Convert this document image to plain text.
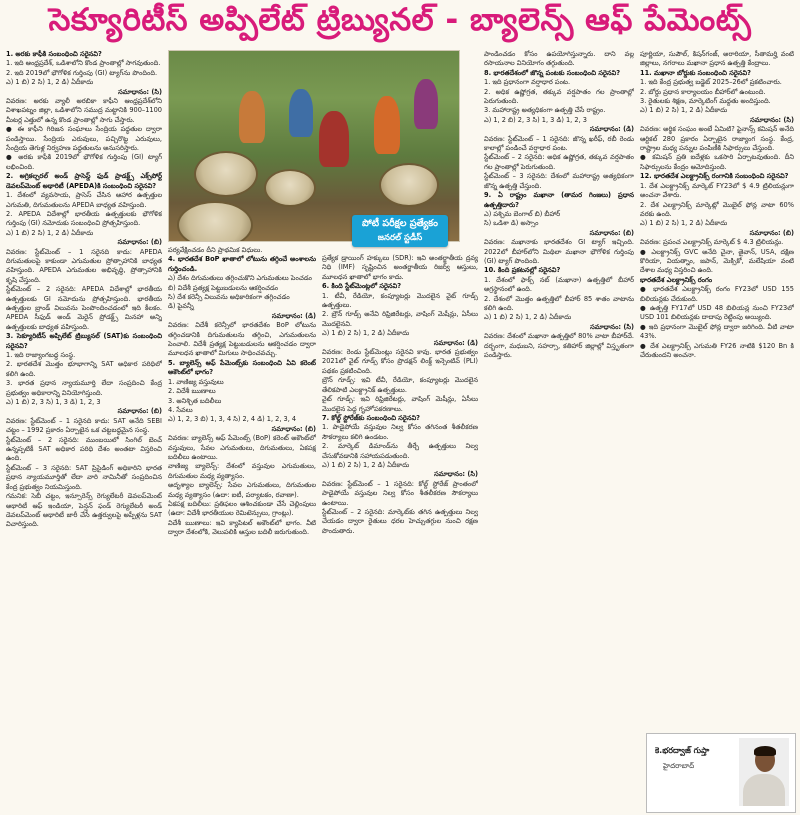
సెక్యూరిటీస్ అప్పిలేట్ ట్రిబ్యునల్ - బ్యాలెన్స్ ఆఫ్ పేమెంట్స్
పోటీ పరీక్షల ప్రత్యేకం
జనరల్ స్టడీస్

1. అరకు కాఫీకి సంబంధించి సరైనవి?

1. ఇది ఆంధ్రప్రదేశ్, ఒడిశాలోని కొండ ప్రాంతాల్లో సాగవుతుంది.

2. ఇది 2019లో భౌగోళిక గుర్తింపు (GI) ట్యాగ్‌ను పొందింది.

ఎ) 1 బి) 2 సి) 1, 2 డి) ఏదీకాదు

సమాధానం: (సి)

వివరణ: అరకు వ్యాలీ అరబికా కాఫీని ఆంధ్రప్రదేశ్‌లోని విశాఖపట్నం జిల్లా, ఒడిశాలోని సముద్ర మట్టానికి 900–1100 మీటర్ల ఎత్తులో ఉన్న కొండ ప్రాంతాల్లో సాగు చేస్తారు.

● ఈ కాఫీని గిరిజన సంఘాలు సేంద్రియ పద్ధతుల ద్వారా పండిస్తాయి. సేంద్రియ ఎరువులు, పచ్చిరొట్ట ఎరువులు, సేంద్రియ తెగుళ్ల నిర్వహణ పద్ధతులను అనుసరిస్తారు.

● అరకు కాఫీకి 2019లో భౌగోళిక గుర్తింపు (GI) ట్యాగ్ లభించింది.

2. అగ్రికల్చరల్ అండ్ ప్రాసెస్డ్ ఫుడ్ ప్రాడక్ట్స్ ఎక్స్‌పోర్ట్ డెవలప్‌మెంట్ అథారిటీ (APEDA)కి సంబంధించి సరైనవి?

1. దేశంలో వ్యవసాయ, ప్రాసెస్ చేసిన ఆహార ఉత్పత్తుల ఎగుమతి, దిగుమతులను APEDA బాధ్యత వహిస్తుంది.

2. APEDA విదేశాల్లో భారతీయ ఉత్పత్తులకు భౌగోళిక గుర్తింపు (GI) నమోదుకు సంబంధించి ప్రోత్సహిస్తుంది.

ఎ) 1 బి) 2 సి) 1, 2 డి) ఏదీకాదు

సమాధానం: (బి)

వివరణ: స్టేట్‌మెంట్ – 1 సరైనది కాదు: APEDA దిగుమతులపై కాకుండా ఎగుమతుల ప్రోత్సాహానికి బాధ్యత వహిస్తుంది. APEDA ఎగుమతుల అభివృద్ధి, ప్రోత్సాహానికి కృషి చేస్తుంది.

స్టేట్‌మెంట్ – 2 సరైనది: APEDA విదేశాల్లో భారతీయ ఉత్పత్తులకు GI నమోదును ప్రోత్సహిస్తుంది. భారతీయ ఉత్పత్తుల బ్రాండ్ విలువను పెంపొందించడంలో ఇది కీలకం. APEDA సీఫుడ్ అండ్ మెరైన్ ప్రోడక్ట్స్ మినహా అన్ని ఉత్పత్తులకు బాధ్యత వహిస్తుంది.

3. సెక్యూరిటీస్ అప్పిలేట్ ట్రిబ్యునల్ (SAT)కు సంబంధించి సరైనవి?

1. ఇది రాజ్యాంగబద్ధ సంస్థ.

2. భారతదేశ మొత్తం భూభాగాన్ని SAT అధికార పరిధిలో కలిగి ఉంది.

3. భారత ప్రధాన న్యాయమూర్తి లేదా సంప్రదించి కేంద్ర ప్రభుత్వం అధికారాన్ని వినియోగిస్తుంది.

ఎ) 1 బి) 2, 3 సి) 1, 3 డి) 1, 2, 3

సమాధానం: (బి)

వివరణ: స్టేట్‌మెంట్ – 1 సరైనది కాదు: SAT అనేది SEBI చట్టం – 1992 ప్రకారం ఏర్పాటైన ఒక చట్టబద్ధమైన సంస్థ.

స్టేట్‌మెంట్ – 2 సరైనది: ముంబయిలో సింగిల్ బెంచ్ ఉన్నప్పటికీ SAT అధికార పరిధి దేశం అంతటా విస్తరించి ఉంది.

స్టేట్‌మెంట్ – 3 సరైనది: SAT ప్రిసైడింగ్ అధికారిని భారత ప్రధాన న్యాయమూర్తితో లేదా వారి నామినీతో సంప్రదించిన కేంద్ర ప్రభుత్వం నియమిస్తుంది.

గమనిక: సెబీ చట్టం, ఇన్సూరెన్స్ రెగ్యులేటరీ డెవలప్‌మెంట్ అథారిటీ ఆఫ్ ఇండియా, పెన్షన్ ఫండ్ రెగ్యులేటరీ అండ్ డెవలప్‌మెంట్ అథారిటీ జారీ చేసే ఉత్తర్వులపై అప్పీళ్లను SAT విచారిస్తుంది.

పర్యవేక్షించడం దీని ప్రాథమిక విధులు.

4. భారతదేశ BoP ఖాతాలో లోటును తగ్గించే అంశాలను గుర్తించండి.

ఎ) దేశం దిగుమతులు తగ్గించుకొని ఎగుమతులు పెంచడం

బి) విదేశీ ప్రత్యక్ష పెట్టుబడులను ఆకర్షించడం

సి) దేశ కరెన్సీ విలువను అధికారికంగా తగ్గించడం

డి) పైవన్నీ

సమాధానం: (డి)

వివరణ: విదేశీ కరెన్సీలో భారతదేశం BoP లోటును తగ్గించడానికి దిగుమతులను తగ్గించి, ఎగుమతులను పెంచాలి. విదేశీ ప్రత్యక్ష పెట్టుబడులను ఆకర్షించడం ద్వారా మూలధన ఖాతాలో మిగులు సాధించవచ్చు.

5. బ్యాలెన్స్ ఆఫ్ పేమెంట్స్‌కు సంబంధించి ఏవి కరెంట్ అకౌంట్‌లో భాగం?

1. వాణిజ్య వస్తువులు

2. విదేశీ ఋణాలు

3. అనిశ్చిత బదిలీలు

4. సేవలు

ఎ) 1, 2, 3 బి) 1, 3, 4 సి) 2, 4 డి) 1, 2, 3, 4

సమాధానం: (బి)

వివరణ: బ్యాలెన్స్ ఆఫ్ పేమెంట్స్ (BoP) కరెంట్ అకౌంట్‌లో వస్తువులు, సేవల ఎగుమతులు, దిగుమతులు, ఏకపక్ష బదిలీలు ఉంటాయి.

వాణిజ్య బ్యాలెన్స్: దేశంలో వస్తువుల ఎగుమతులు, దిగుమతుల మధ్య వ్యత్యాసం.

అదృశ్యాల బ్యాలెన్స్: సేవల ఎగుమతులు, దిగుమతుల మధ్య వ్యత్యాసం (ఉదా: ఐటీ, పర్యాటకం, రవాణా).

ఏకపక్ష బదిలీలు: ప్రతిఫలం ఆశించకుండా చేసే చెల్లింపులు (ఉదా: విదేశీ భారతీయుల రెమిటెన్సులు, గ్రాంట్లు).

విదేశీ ఋణాలు: ఇవి క్యాపిటల్ అకౌంట్‌లో భాగం. వీటి ద్వారా దేశంలోకి, వెలుపలికి ఆస్తుల బదిలీ జరుగుతుంది.

ప్రత్యేక డ్రాయింగ్ హక్కులు (SDR): ఇవి అంతర్జాతీయ ద్రవ్య నిధి (IMF) సృష్టించిన అంతర్జాతీయ రిజర్వ్ ఆస్తులు, మూలధన ఖాతాలో భాగం కాదు.

6. కింది స్టేట్‌మెంట్లలో సరైనవి?

1. టీవీ, రేడియో, కంప్యూటర్లు మొదలైన వైట్ గూడ్స్ ఉత్పత్తులు.

2. బ్రౌన్ గూడ్స్ అనేవి రిఫ్రిజిరేటర్లు, వాషింగ్ మెషీన్లు, ఏసీలు మొదలైనవి.

ఎ) 1 బి) 2 సి) 1, 2 డి) ఏదీకాదు

సమాధానం: (డి)

వివరణ: రెండు స్టేట్‌మెంట్లు సరైనవి కావు. భారత ప్రభుత్వం 2021లో వైట్ గూడ్స్ కోసం ప్రొడక్షన్ లింక్డ్ ఇన్సెంటివ్ (PLI) పథకం ప్రకటించింది.

బ్రౌన్ గూడ్స్: ఇవి టీవీ, రేడియో, కంప్యూటర్లు మొదలైన తేలికపాటి ఎలక్ట్రానిక్ ఉత్పత్తులు.

వైట్ గూడ్స్: ఇవి రిఫ్రిజిరేటర్లు, వాషింగ్ మెషీన్లు, ఏసీలు మొదలైన పెద్ద గృహోపకరణాలు.

7. కోల్డ్ స్టోరేజ్‌కు సంబంధించి సరైనవి?

1. పాడైపోయే వస్తువుల నిల్వ కోసం తగినంత శీతలీకరణ సౌకర్యాలు కలిగి ఉండటం.

2. మార్కెట్ డిమాండ్‌ను తీర్చే ఉత్పత్తులు నిల్వ చేసుకోవడానికి సహాయపడుతుంది.

ఎ) 1 బి) 2 సి) 1, 2 డి) ఏదీకాదు

సమాధానం: (సి)

వివరణ: స్టేట్‌మెంట్ – 1 సరైనది: కోల్డ్ స్టోరేజ్ ప్రాంతంలో పాడైపోయే వస్తువుల నిల్వ కోసం శీతలీకరణ సౌకర్యాలు ఉంటాయి.

స్టేట్‌మెంట్ – 2 సరైనది: మార్కెట్‌కు తగిన ఉత్పత్తులు నిల్వ చేయడం ద్వారా రైతులు ధరల హెచ్చుతగ్గుల నుంచి రక్షణ పొందుతారు.

పాండించడం కోసం ఉపయోగిస్తున్నారు. దాని వల్ల రసాయనాల వినియోగం తగ్గుతుంది.

8. భారతదేశంలో జొన్న పంటకు సంబంధించి సరైనవి?

1. ఇది ప్రధానంగా వర్షాధార పంట.

2. అధిక ఉష్ణోగ్రత, తక్కువ వర్షపాతం గల ప్రాంతాల్లో పెరుగుతుంది.

3. మహారాష్ట్ర అత్యధికంగా ఉత్పత్తి చేసే రాష్ట్రం.

ఎ) 1, 2 బి) 2, 3 సి) 1, 3 డి) 1, 2, 3

సమాధానం: (డి)

వివరణ: స్టేట్‌మెంట్ – 1 సరైనది: జొన్న ఖరీఫ్, రబీ రెండు కాలాల్లో పండించే వర్షాధార పంట.

స్టేట్‌మెంట్ – 2 సరైనది: అధిక ఉష్ణోగ్రత, తక్కువ వర్షపాతం గల ప్రాంతాల్లో పెరుగుతుంది.

స్టేట్‌మెంట్ – 3 సరైనది: దేశంలో మహారాష్ట్ర అత్యధికంగా జొన్న ఉత్పత్తి చేస్తుంది.

9. ఏ రాష్ట్రం మఖానా (తామర గింజలు) ప్రధాన ఉత్పత్తిదారు?

ఎ) పశ్చిమ బెంగాల్ బి) బీహార్

సి) ఒడిశా డి) అస్సాం

సమాధానం: (బి)

వివరణ: మఖానాకు భారతదేశం GI ట్యాగ్ ఇచ్చింది. 2022లో బీహార్‌లోని మిథిలా మఖానా భౌగోళిక గుర్తింపు (GI) ట్యాగ్ పొందింది.

10. కింది ప్రకటనల్లో సరైనవి?

1. దేశంలో ఫాక్స్ నట్ (మఖానా) ఉత్పత్తిలో బీహార్ అగ్రస్థానంలో ఉంది.

2. దేశంలో మొత్తం ఉత్పత్తిలో బీహార్ 85 శాతం వాటాను కలిగి ఉంది.

ఎ) 1 బి) 2 సి) 1, 2 డి) ఏదీకాదు

సమాధానం: (సి)

వివరణ: దేశంలో మఖానా ఉత్పత్తిలో 80% వాటా బీహార్‌దే. దర్భంగా, మధుబని, సహర్సా, కతిహార్ జిల్లాల్లో విస్తృతంగా పండిస్తారు.

పూర్ణియా, సుపౌల్, కిషన్‌గంజ్, అరారియా, సీతామర్హి వంటి జిల్లాలు, నగరాలు మఖానా ప్రధాన ఉత్పత్తి కేంద్రాలు.

11. మఖానా బోర్డుకు సంబంధించి సరైనవి?

1. ఇది కేంద్ర ప్రభుత్వ బడ్జెట్ 2025–26లో ప్రకటించారు.

2. బోర్డు ప్రధాన కార్యాలయం బీహార్‌లో ఉంటుంది.

3. రైతులకు శిక్షణ, మార్కెటింగ్ మద్దతు అందిస్తుంది.

ఎ) 1 బి) 2 సి) 1, 2 డి) ఏదీకాదు

సమాధానం: (సి)

వివరణ: అర్థిక సంఘం అంటే ఏమిటి? ఫైనాన్స్ కమిషన్ అనేది ఆర్టికల్ 280 ప్రకారం ఏర్పాటైన రాజ్యాంగ సంస్థ. కేంద్ర, రాష్ట్రాల మధ్య పన్నుల పంపిణీకి సిఫార్సులు చేస్తుంది.

● కమిషన్ ప్రతి ఐదేళ్లకు ఒకసారి ఏర్పాటవుతుంది. దీని సిఫార్సులను కేంద్రం ఆమోదిస్తుంది.

12. భారతదేశ ఎలక్ట్రానిక్స్ రంగానికి సంబంధించి సరైనవి?

1. దేశ ఎలక్ట్రానిక్స్ మార్కెట్ FY23లో $ 4.9 ట్రిలియన్లుగా అంచనా వేశారు.

2. దేశ ఎలక్ట్రానిక్స్ మార్కెట్లో మొబైల్ ఫోన్ల వాటా 60% వరకు ఉంది.

ఎ) 1 బి) 2 సి) 1, 2 డి) ఏదీకాదు

సమాధానం: (బి)

వివరణ: ప్రపంచ ఎలక్ట్రానిక్స్ మార్కెట్ $ 4.3 ట్రిలియన్లు.

● ఎలక్ట్రానిక్స్ GVC అనేది చైనా, తైవాన్, USA, దక్షిణ కొరియా, వియత్నాం, జపాన్, మెక్సికో, మలేషియా వంటి దేశాల మధ్య విస్తరించి ఉంది.

భారతదేశ ఎలక్ట్రానిక్స్ రంగం

● భారతదేశ ఎలక్ట్రానిక్స్ రంగం FY23లో USD 155 బిలియన్లకు చేరుకుంది.

● ఉత్పత్తి FY17లో USD 48 బిలియన్ల నుంచి FY23లో USD 101 బిలియన్లకు దాదాపు రెట్టింపు అయ్యింది.

● ఇది ప్రధానంగా మొబైల్ ఫోన్ల ద్వారా జరిగింది. వీటి వాటా 43%.

● దేశ ఎలక్ట్రానిక్స్ ఎగుమతి FY26 నాటికి $120 Bn కి చేరుతుందని అంచనా.

కె.భరద్వాజ్ గుప్తా
హైదరాబాద్
